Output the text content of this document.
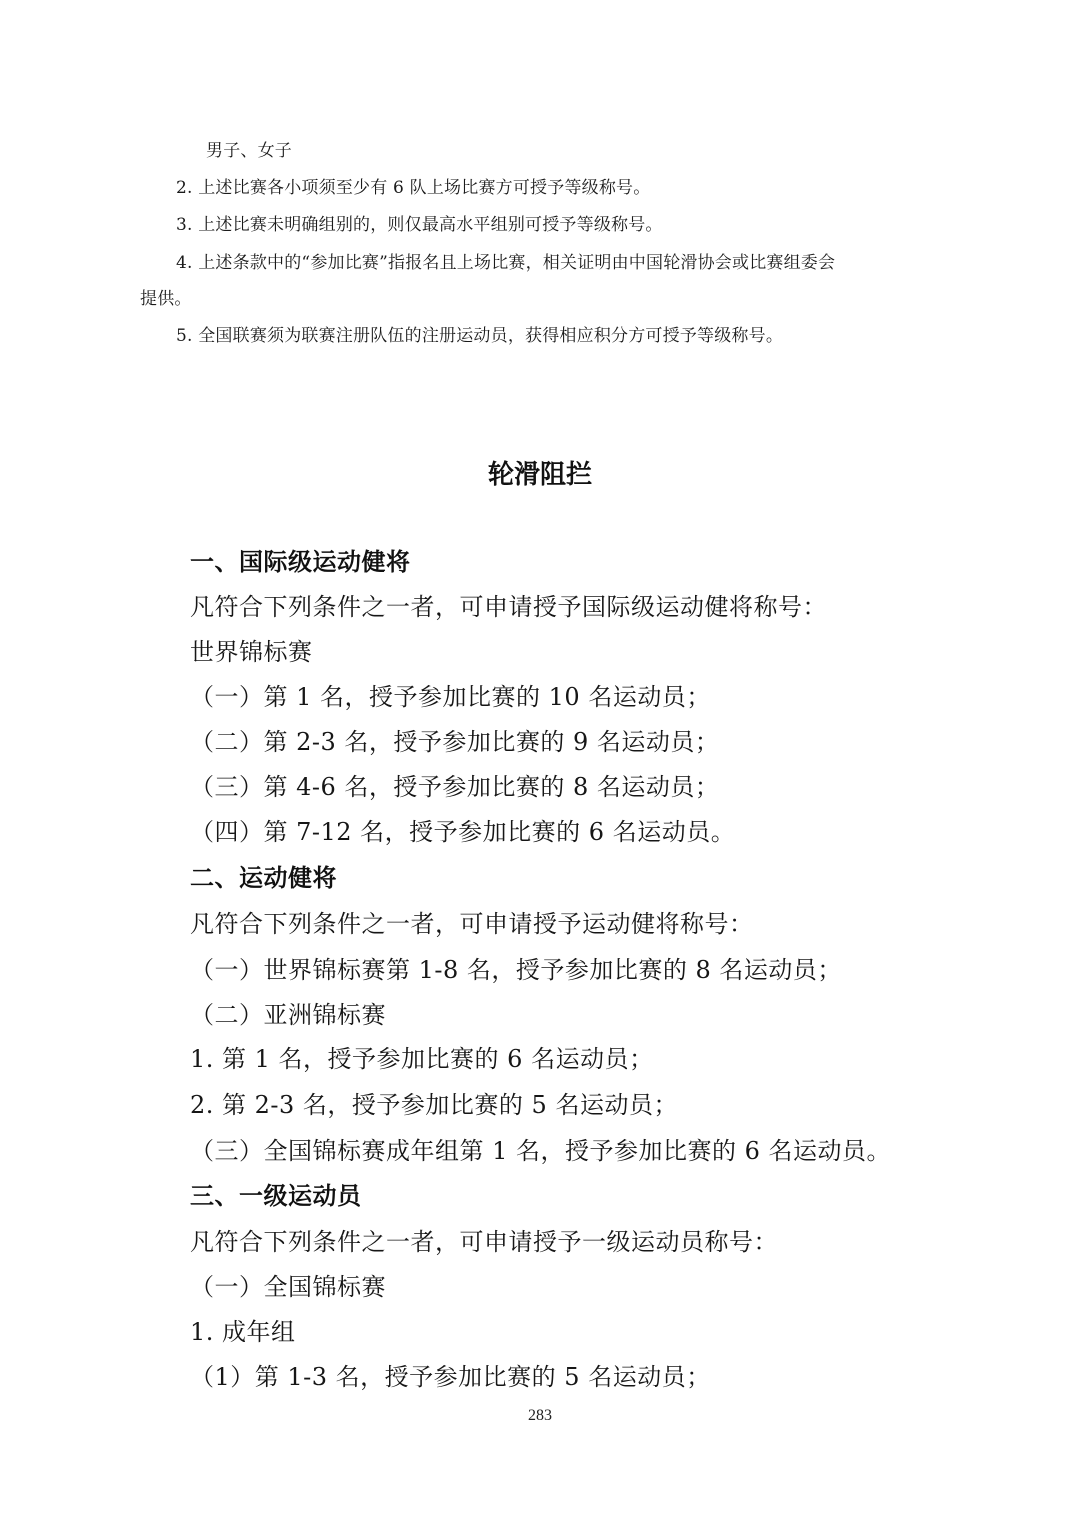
男子、女子
2. 上述比赛各小项须至少有 6 队上场比赛方可授予等级称号。
3. 上述比赛未明确组别的，则仅最高水平组别可授予等级称号。
4. 上述条款中的“参加比赛”指报名且上场比赛，相关证明由中国轮滑协会或比赛组委会
提供。
5. 全国联赛须为联赛注册队伍的注册运动员，获得相应积分方可授予等级称号。
轮滑阻拦
一、国际级运动健将
凡符合下列条件之一者，可申请授予国际级运动健将称号：
世界锦标赛
（一）第 1 名，授予参加比赛的 10 名运动员；
（二）第 2-3 名，授予参加比赛的 9 名运动员；
（三）第 4-6 名，授予参加比赛的 8 名运动员；
（四）第 7-12 名，授予参加比赛的 6 名运动员。
二、运动健将
凡符合下列条件之一者，可申请授予运动健将称号：
（一）世界锦标赛第 1-8 名，授予参加比赛的 8 名运动员；
（二）亚洲锦标赛
1. 第 1 名，授予参加比赛的 6 名运动员；
2. 第 2-3 名，授予参加比赛的 5 名运动员；
（三）全国锦标赛成年组第 1 名，授予参加比赛的 6 名运动员。
三、一级运动员
凡符合下列条件之一者，可申请授予一级运动员称号：
（一）全国锦标赛
1. 成年组
（1）第 1-3 名，授予参加比赛的 5 名运动员；
283
